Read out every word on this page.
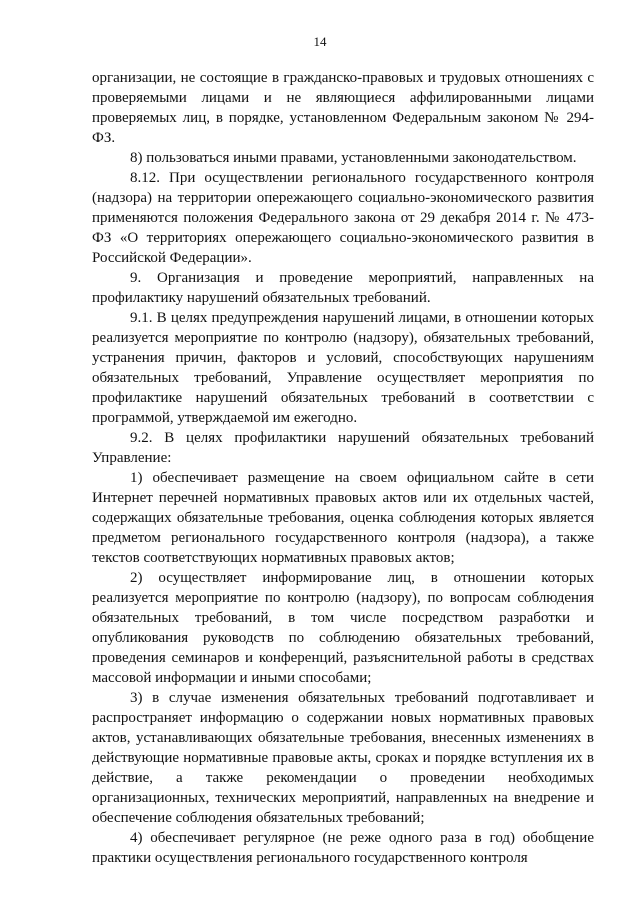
14

организации, не состоящие в гражданско-правовых и трудовых отношениях с проверяемыми лицами и не являющиеся аффилированными лицами проверяемых лиц, в порядке, установленном Федеральным законом № 294-ФЗ.

8) пользоваться иными правами, установленными законодательством.

8.12. При осуществлении регионального государственного контроля (надзора) на территории опережающего социально-экономического развития применяются положения Федерального закона от 29 декабря 2014 г. № 473-ФЗ «О территориях опережающего социально-экономического развития в Российской Федерации».

9. Организация и проведение мероприятий, направленных на профилактику нарушений обязательных требований.

9.1. В целях предупреждения нарушений лицами, в отношении которых реализуется мероприятие по контролю (надзору), обязательных требований, устранения причин, факторов и условий, способствующих нарушениям обязательных требований, Управление осуществляет мероприятия по профилактике нарушений обязательных требований в соответствии с программой, утверждаемой им ежегодно.

9.2. В целях профилактики нарушений обязательных требований Управление:

1) обеспечивает размещение на своем официальном сайте в сети Интернет перечней нормативных правовых актов или их отдельных частей, содержащих обязательные требования, оценка соблюдения которых является предметом регионального государственного контроля (надзора), а также текстов соответствующих нормативных правовых актов;

2) осуществляет информирование лиц, в отношении которых реализуется мероприятие по контролю (надзору), по вопросам соблюдения обязательных требований, в том числе посредством разработки и опубликования руководств по соблюдению обязательных требований, проведения семинаров и конференций, разъяснительной работы в средствах массовой информации и иными способами;

3) в случае изменения обязательных требований подготавливает и распространяет информацию о содержании новых нормативных правовых актов, устанавливающих обязательные требования, внесенных изменениях в действующие нормативные правовые акты, сроках и порядке вступления их в действие, а также рекомендации о проведении необходимых организационных, технических мероприятий, направленных на внедрение и обеспечение соблюдения обязательных требований;

4) обеспечивает регулярное (не реже одного раза в год) обобщение практики осуществления регионального государственного контроля
